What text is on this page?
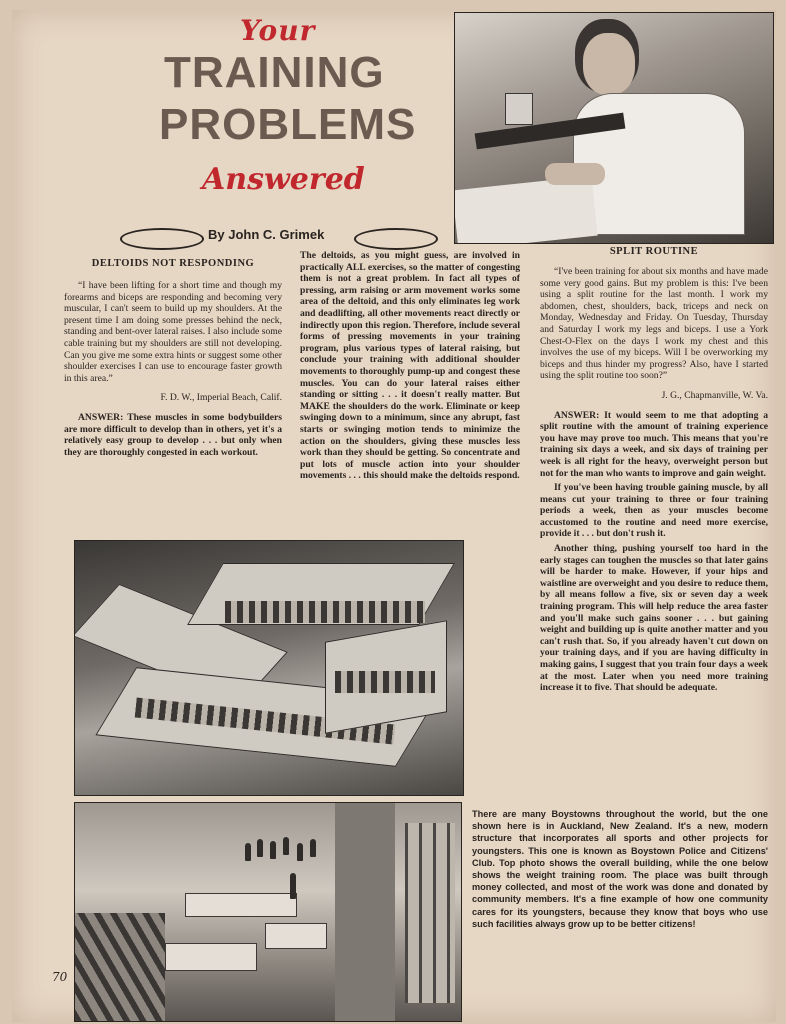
Your
TRAINING
PROBLEMS
Answered
By John C. Grimek
DELTOIDS NOT RESPONDING

“I have been lifting for a short time and though my forearms and biceps are responding and becoming very muscular, I can't seem to build up my shoulders. At the present time I am doing some presses behind the neck, standing and bent-over lateral raises. I also include some cable training but my shoulders are still not developing. Can you give me some extra hints or suggest some other shoulder exercises I can use to encourage faster growth in this area.”

F. D. W., Imperial Beach, Calif.

ANSWER: These muscles in some bodybuilders are more difficult to develop than in others, yet it's a relatively easy group to develop . . . but only when they are thoroughly congested in each workout.

The deltoids, as you might guess, are involved in practically ALL exercises, so the matter of congesting them is not a great problem. In fact all types of pressing, arm raising or arm movement works some area of the deltoid, and this only eliminates leg work and deadlifting, all other movements react directly or indirectly upon this region. Therefore, include several forms of pressing movements in your training program, plus various types of lateral raising, but conclude your training with additional shoulder movements to thoroughly pump-up and congest these muscles. You can do your lateral raises either standing or sitting . . . it doesn't really matter. But MAKE the shoulders do the work. Eliminate or keep swinging down to a minimum, since any abrupt, fast starts or swinging motion tends to minimize the action on the shoulders, giving these muscles less work than they should be getting. So concentrate and put lots of muscle action into your shoulder movements . . . this should make the deltoids respond.

SPLIT ROUTINE

“I've been training for about six months and have made some very good gains. But my problem is this: I've been using a split routine for the last month. I work my abdomen, chest, shoulders, back, triceps and neck on Monday, Wednesday and Friday. On Tuesday, Thursday and Saturday I work my legs and biceps. I use a York Chest-O-Flex on the days I work my chest and this involves the use of my biceps. Will I be overworking my biceps and thus hinder my progress? Also, have I started using the split routine too soon?”

J. G., Chapmanville, W. Va.

ANSWER: It would seem to me that adopting a split routine with the amount of training experience you have may prove too much. This means that you're training six days a week, and six days of training per week is all right for the heavy, overweight person but not for the man who wants to improve and gain weight.

If you've been having trouble gaining muscle, by all means cut your training to three or four training periods a week, then as your muscles become accustomed to the routine and need more exercise, provide it . . . but don't rush it.

Another thing, pushing yourself too hard in the early stages can toughen the muscles so that later gains will be harder to make. However, if your hips and waistline are overweight and you desire to reduce them, by all means follow a five, six or seven day a week training program. This will help reduce the area faster and you'll make such gains sooner . . . but gaining weight and building up is quite another matter and you can't rush that. So, if you already haven't cut down on your training days, and if you are having difficulty in making gains, I suggest that you train four days a week at the most. Later when you need more training increase it to five. That should be adequate.

There are many Boystowns throughout the world, but the one shown here is in Auckland, New Zealand. It's a new, modern structure that incorporates all sports and other projects for youngsters. This one is known as Boystown Police and Citizens' Club. Top photo shows the overall building, while the one below shows the weight training room. The place was built through money collected, and most of the work was done and donated by community members. It's a fine example of how one community cares for its youngsters, because they know that boys who use such facilities always grow up to be better citizens!
70
